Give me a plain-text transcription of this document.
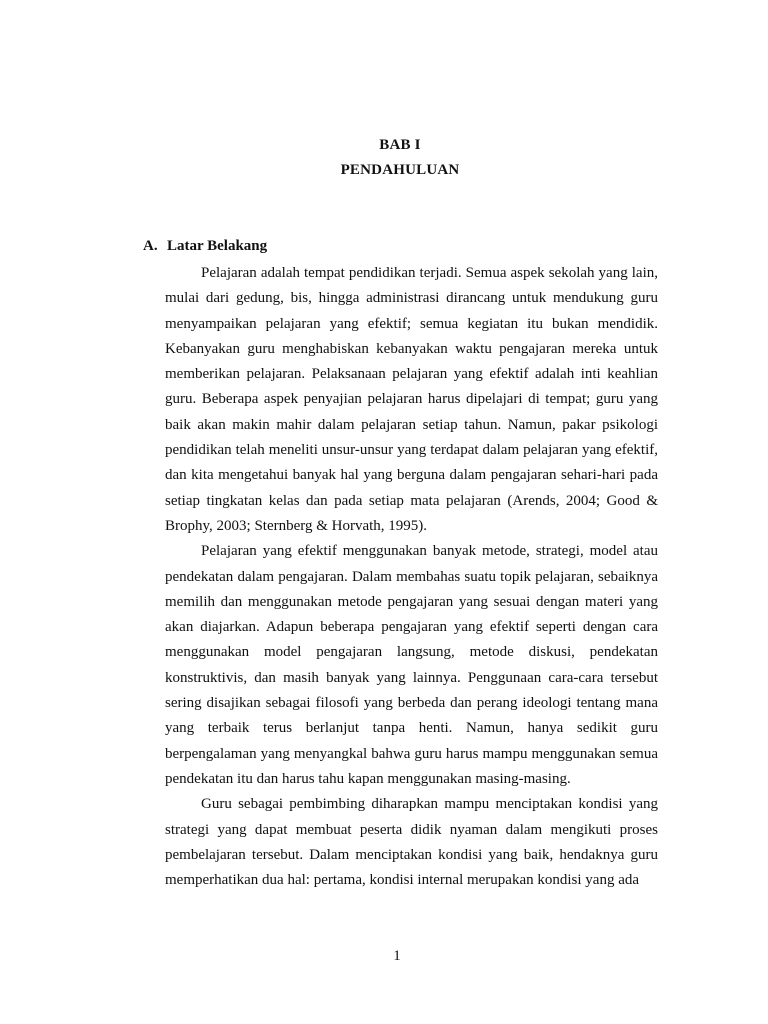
BAB I
PENDAHULUAN
A. Latar Belakang

Pelajaran adalah tempat pendidikan terjadi. Semua aspek sekolah yang lain, mulai dari gedung, bis, hingga administrasi dirancang untuk mendukung guru menyampaikan pelajaran yang efektif; semua kegiatan itu bukan mendidik. Kebanyakan guru menghabiskan kebanyakan waktu pengajaran mereka untuk memberikan pelajaran. Pelaksanaan pelajaran yang efektif adalah inti keahlian guru. Beberapa aspek penyajian pelajaran harus dipelajari di tempat; guru yang baik akan makin mahir dalam pelajaran setiap tahun. Namun, pakar psikologi pendidikan telah meneliti unsur-unsur yang terdapat dalam pelajaran yang efektif, dan kita mengetahui banyak hal yang berguna dalam pengajaran sehari-hari pada setiap tingkatan kelas dan pada setiap mata pelajaran (Arends, 2004; Good & Brophy, 2003; Sternberg & Horvath, 1995).

Pelajaran yang efektif menggunakan banyak metode, strategi, model atau pendekatan dalam pengajaran. Dalam membahas suatu topik pelajaran, sebaiknya memilih dan menggunakan metode pengajaran yang sesuai dengan materi yang akan diajarkan. Adapun beberapa pengajaran yang efektif seperti dengan cara menggunakan model pengajaran langsung, metode diskusi, pendekatan konstruktivis, dan masih banyak yang lainnya. Penggunaan cara-cara tersebut sering disajikan sebagai filosofi yang berbeda dan perang ideologi tentang mana yang terbaik terus berlanjut tanpa henti. Namun, hanya sedikit guru berpengalaman yang menyangkal bahwa guru harus mampu menggunakan semua pendekatan itu dan harus tahu kapan menggunakan masing-masing.

Guru sebagai pembimbing diharapkan mampu menciptakan kondisi yang strategi yang dapat membuat peserta didik nyaman dalam mengikuti proses pembelajaran tersebut. Dalam menciptakan kondisi yang baik, hendaknya guru memperhatikan dua hal: pertama, kondisi internal merupakan kondisi yang ada

1
